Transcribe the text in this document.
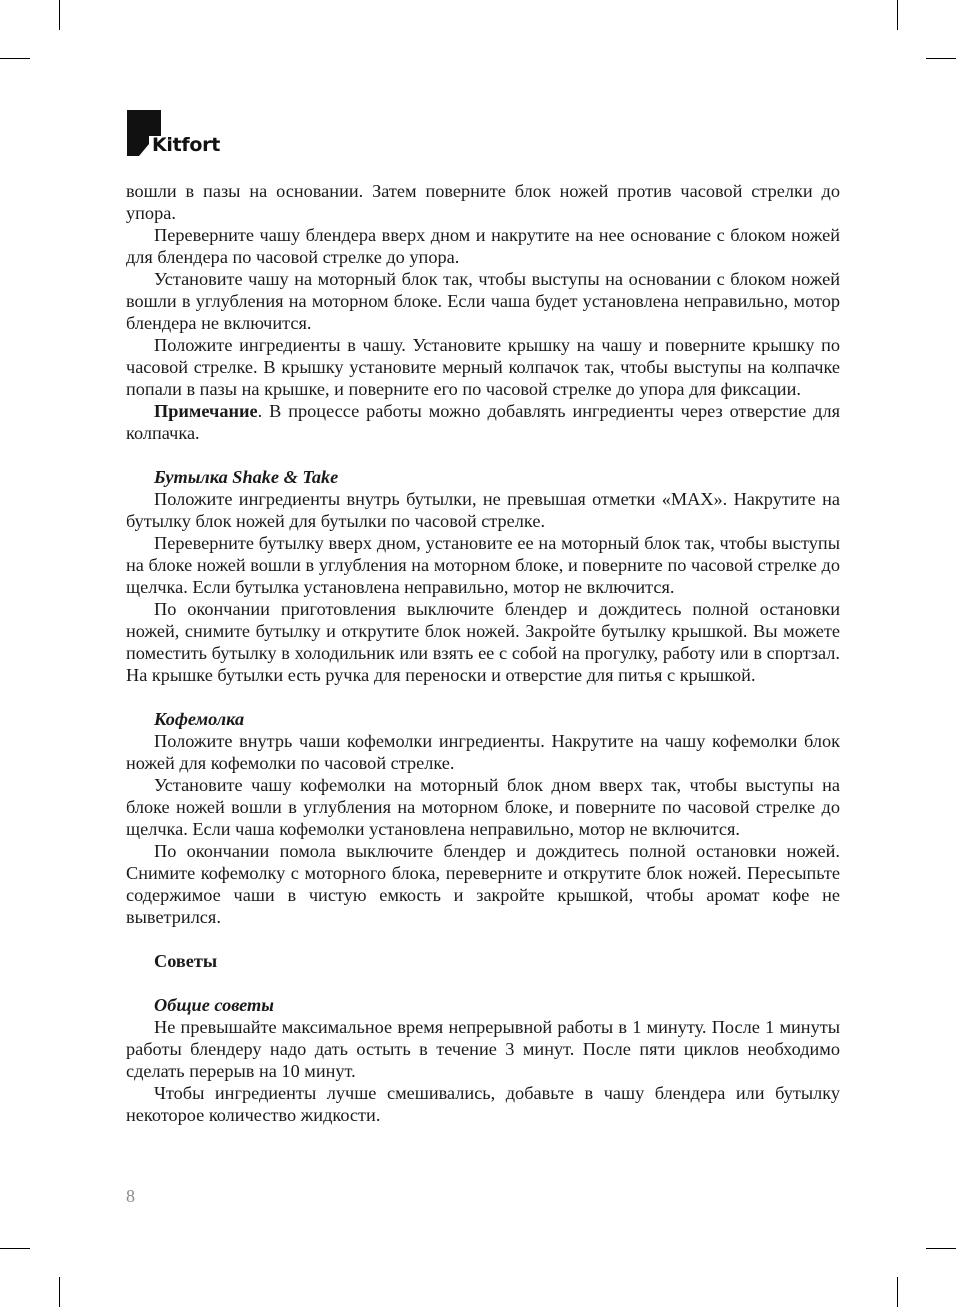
Kitfort

вошли в пазы на основании. Затем поверните блок ножей против часовой стрелки до упора.

Переверните чашу блендера вверх дном и накрутите на нее основание с блоком ножей для блендера по часовой стрелке до упора.

Установите чашу на моторный блок так, чтобы выступы на основании с блоком ножей вошли в углубления на моторном блоке. Если чаша будет установлена неправильно, мотор блендера не включится.

Положите ингредиенты в чашу. Установите крышку на чашу и поверните крышку по часовой стрелке. В крышку установите мерный колпачок так, чтобы выступы на колпачке попали в пазы на крышке, и поверните его по часовой стрелке до упора для фиксации.

Примечание. В процессе работы можно добавлять ингредиенты через отверстие для колпачка.

Бутылка Shake & Take

Положите ингредиенты внутрь бутылки, не превышая отметки «MAX». Накрутите на бутылку блок ножей для бутылки по часовой стрелке.

Переверните бутылку вверх дном, установите ее на моторный блок так, чтобы выступы на блоке ножей вошли в углубления на моторном блоке, и поверните по часовой стрелке до щелчка. Если бутылка установлена неправильно, мотор не включится.

По окончании приготовления выключите блендер и дождитесь полной остановки ножей, снимите бутылку и открутите блок ножей. Закройте бутылку крышкой. Вы можете поместить бутылку в холодильник или взять ее с собой на прогулку, работу или в спортзал. На крышке бутылки есть ручка для переноски и отверстие для питья с крышкой.

Кофемолка

Положите внутрь чаши кофемолки ингредиенты. Накрутите на чашу кофемолки блок ножей для кофемолки по часовой стрелке.

Установите чашу кофемолки на моторный блок дном вверх так, чтобы выступы на блоке ножей вошли в углубления на моторном блоке, и поверните по часовой стрелке до щелчка. Если чаша кофемолки установлена неправильно, мотор не включится.

По окончании помола выключите блендер и дождитесь полной остановки ножей. Снимите кофемолку с моторного блока, переверните и открутите блок ножей. Пересыпьте содержимое чаши в чистую емкость и закройте крышкой, чтобы аромат кофе не выветрился.

Советы
Общие советы

Не превышайте максимальное время непрерывной работы в 1 минуту. После 1 минуты работы блендеру надо дать остыть в течение 3 минут. После пяти циклов необходимо сделать перерыв на 10 минут.

Чтобы ингредиенты лучше смешивались, добавьте в чашу блендера или бутылку некоторое количество жидкости.

8
